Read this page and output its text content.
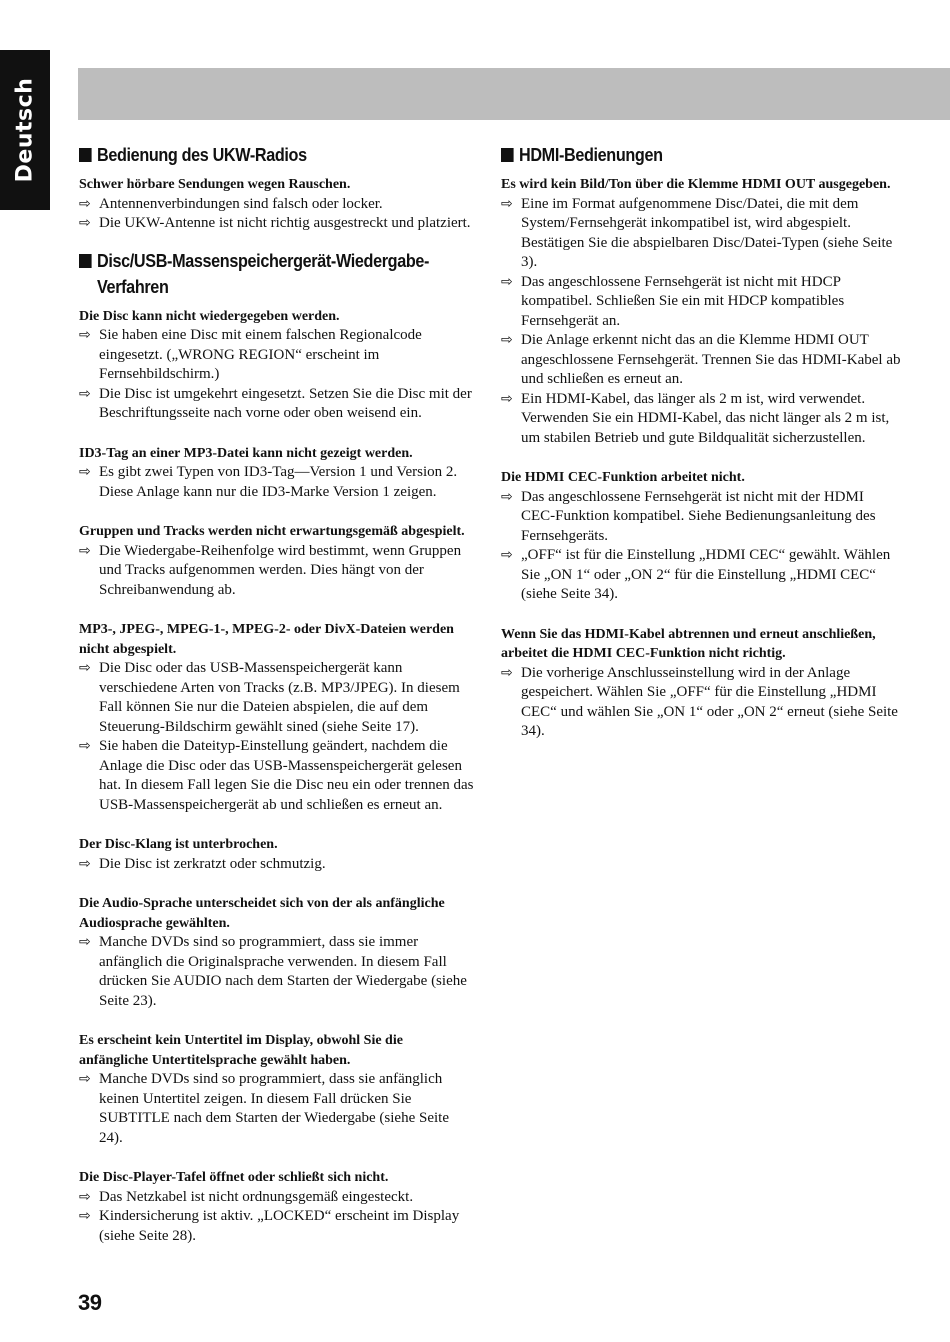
Deutsch	Bedienung des UKW-Radios
Schwer hörbare Sendungen wegen Rauschen.
⇨ Antennenverbindungen sind falsch oder locker.
⇨ Die UKW-Antenne ist nicht richtig ausgestreckt und platziert.
Disc/USB-Massenspeichergerät-Wiedergabe-
Verfahren
Die Disc kann nicht wiedergegeben werden.
⇨ Sie haben eine Disc mit einem falschen Regionalcode eingesetzt. („WRONG REGION“ erscheint im Fernsehbildschirm.)
⇨ Die Disc ist umgekehrt eingesetzt. Setzen Sie die Disc mit der Beschriftungsseite nach vorne oder oben weisend ein.
ID3-Tag an einer MP3-Datei kann nicht gezeigt werden.
⇨ Es gibt zwei Typen von ID3-Tag—Version 1 und Version 2. Diese Anlage kann nur die ID3-Marke Version 1 zeigen.
Gruppen und Tracks werden nicht erwartungsgemäß abgespielt.
⇨ Die Wiedergabe-Reihenfolge wird bestimmt, wenn Gruppen und Tracks aufgenommen werden. Dies hängt von der Schreibanwendung ab.
MP3-, JPEG-, MPEG-1-, MPEG-2- oder DivX-Dateien werden nicht abgespielt.
⇨ Die Disc oder das USB-Massenspeichergerät kann verschiedene Arten von Tracks (z.B. MP3/JPEG). In diesem Fall können Sie nur die Dateien abspielen, die auf dem Steuerung-Bildschirm gewählt sined (siehe Seite 17).
⇨ Sie haben die Dateityp-Einstellung geändert, nachdem die Anlage die Disc oder das USB-Massenspeichergerät gelesen hat. In diesem Fall legen Sie die Disc neu ein oder trennen das USB-Massenspeichergerät ab und schließen es erneut an.
Der Disc-Klang ist unterbrochen.
⇨ Die Disc ist zerkratzt oder schmutzig.
Die Audio-Sprache unterscheidet sich von der als anfängliche Audiosprache gewählten.
⇨ Manche DVDs sind so programmiert, dass sie immer anfänglich die Originalsprache verwenden. In diesem Fall drücken Sie AUDIO nach dem Starten der Wiedergabe (siehe Seite 23).
Es erscheint kein Untertitel im Display, obwohl Sie die anfängliche Untertitelsprache gewählt haben.
⇨ Manche DVDs sind so programmiert, dass sie anfänglich keinen Untertitel zeigen. In diesem Fall drücken Sie SUBTITLE nach dem Starten der Wiedergabe (siehe Seite 24).
Die Disc-Player-Tafel öffnet oder schließt sich nicht.
⇨ Das Netzkabel ist nicht ordnungsgemäß eingesteckt.
⇨ Kindersicherung ist aktiv. „LOCKED“ erscheint im Display (siehe Seite 28).
HDMI-Bedienungen
Es wird kein Bild/Ton über die Klemme HDMI OUT ausgegeben.
⇨ Eine im Format aufgenommene Disc/Datei, die mit dem System/Fernsehgerät inkompatibel ist, wird abgespielt. Bestätigen Sie die abspielbaren Disc/Datei-Typen (siehe Seite 3).
⇨ Das angeschlossene Fernsehgerät ist nicht mit HDCP kompatibel. Schließen Sie ein mit HDCP kompatibles Fernsehgerät an.
⇨ Die Anlage erkennt nicht das an die Klemme HDMI OUT angeschlossene Fernsehgerät. Trennen Sie das HDMI-Kabel ab und schließen es erneut an.
⇨ Ein HDMI-Kabel, das länger als 2 m ist, wird verwendet. Verwenden Sie ein HDMI-Kabel, das nicht länger als 2 m ist, um stabilen Betrieb und gute Bildqualität sicherzustellen.
Die HDMI CEC-Funktion arbeitet nicht.
⇨ Das angeschlossene Fernsehgerät ist nicht mit der HDMI CEC-Funktion kompatibel. Siehe Bedienungsanleitung des Fernsehgeräts.
⇨ „OFF“ ist für die Einstellung „HDMI CEC“ gewählt. Wählen Sie „ON 1“ oder „ON 2“ für die Einstellung „HDMI CEC“ (siehe Seite 34).
Wenn Sie das HDMI-Kabel abtrennen und erneut anschließen, arbeitet die HDMI CEC-Funktion nicht richtig.
⇨ Die vorherige Anschlusseinstellung wird in der Anlage gespeichert. Wählen Sie „OFF“ für die Einstellung „HDMI CEC“ und wählen Sie „ON 1“ oder „ON 2“ erneut (siehe Seite 34).
39
